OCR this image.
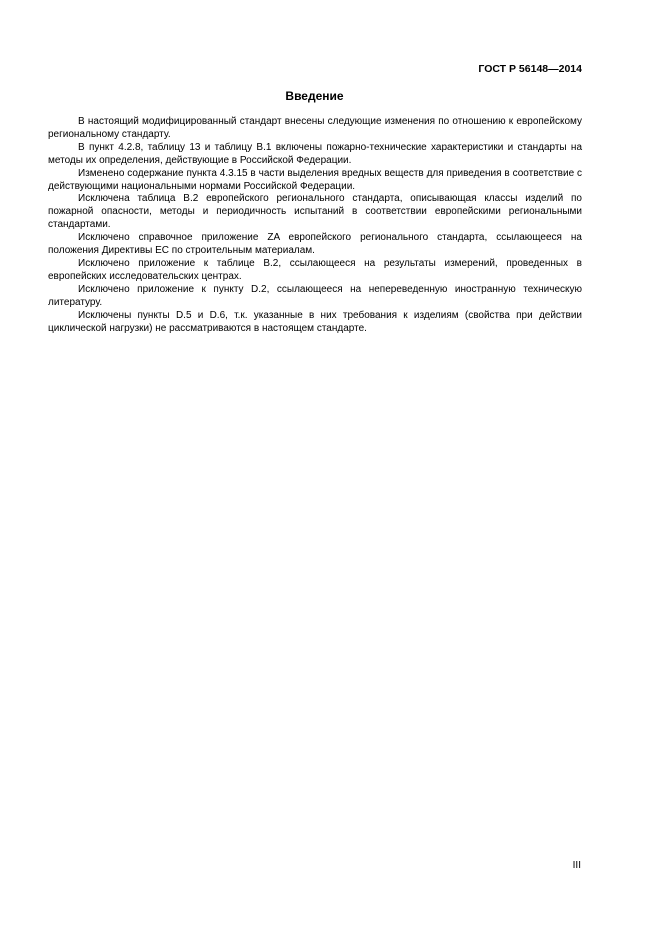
ГОСТ Р 56148—2014
Введение

В настоящий модифицированный стандарт внесены следующие изменения по отношению к европейскому региональному стандарту.

В пункт 4.2.8, таблицу 13 и таблицу В.1 включены пожарно-технические характеристики и стандарты на методы их определения, действующие в Российской Федерации.

Изменено содержание пункта 4.3.15 в части выделения вредных веществ для приведения в соответствие с действующими национальными нормами Российской Федерации.

Исключена таблица В.2 европейского регионального стандарта, описывающая классы изделий по пожарной опасности, методы и периодичность испытаний в соответствии европейскими региональными стандартами.

Исключено справочное приложение ZA европейского регионального стандарта, ссылающееся на положения Директивы ЕС по строительным материалам.

Исключено приложение к таблице В.2, ссылающееся на результаты измерений, проведенных в европейских исследовательских центрах.

Исключено приложение к пункту D.2, ссылающееся на непереведенную иностранную техническую литературу.

Исключены пункты D.5 и D.6, т.к. указанные в них требования к изделиям (свойства при действии циклической нагрузки) не рассматриваются в настоящем стандарте.

III
